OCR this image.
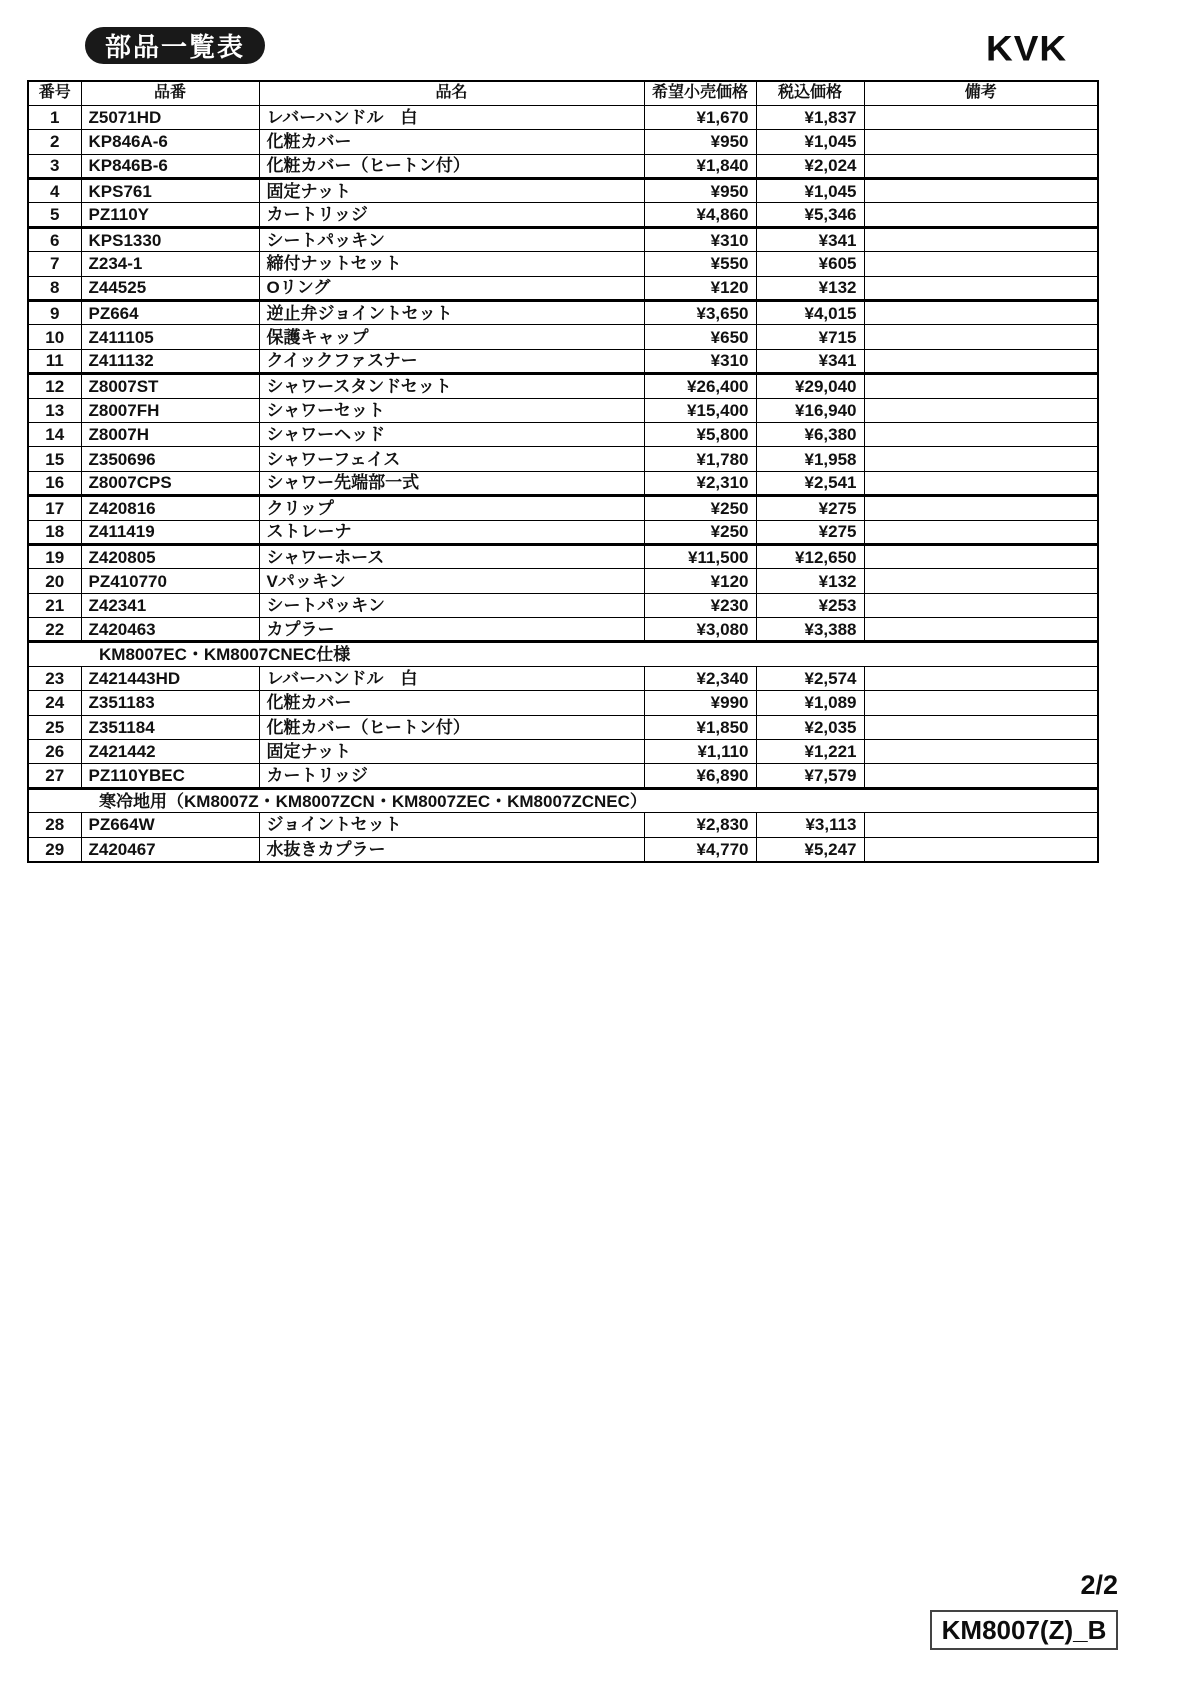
部品一覧表	KVK
番号	品番	品名	希望小売価格	税込価格	備考
1	Z5071HD	レバーハンドル　白	¥1,670	¥1,837	
2	KP846A-6	化粧カバー	¥950	¥1,045	
3	KP846B-6	化粧カバー（ヒートン付）	¥1,840	¥2,024	
4	KPS761	固定ナット	¥950	¥1,045	
5	PZ110Y	カートリッジ	¥4,860	¥5,346	
6	KPS1330	シートパッキン	¥310	¥341	
7	Z234-1	締付ナットセット	¥550	¥605	
8	Z44525	Oリング	¥120	¥132	
9	PZ664	逆止弁ジョイントセット	¥3,650	¥4,015	
10	Z411105	保護キャップ	¥650	¥715	
11	Z411132	クイックファスナー	¥310	¥341	
12	Z8007ST	シャワースタンドセット	¥26,400	¥29,040	
13	Z8007FH	シャワーセット	¥15,400	¥16,940	
14	Z8007H	シャワーヘッド	¥5,800	¥6,380	
15	Z350696	シャワーフェイス	¥1,780	¥1,958	
16	Z8007CPS	シャワー先端部一式	¥2,310	¥2,541	
17	Z420816	クリップ	¥250	¥275	
18	Z411419	ストレーナ	¥250	¥275	
19	Z420805	シャワーホース	¥11,500	¥12,650	
20	PZ410770	Vパッキン	¥120	¥132	
21	Z42341	シートパッキン	¥230	¥253	
22	Z420463	カプラー	¥3,080	¥3,388	
KM8007EC・KM8007CNEC仕様					
23	Z421443HD	レバーハンドル　白	¥2,340	¥2,574	
24	Z351183	化粧カバー	¥990	¥1,089	
25	Z351184	化粧カバー（ヒートン付）	¥1,850	¥2,035	
26	Z421442	固定ナット	¥1,110	¥1,221	
27	PZ110YBEC	カートリッジ	¥6,890	¥7,579	
寒冷地用（KM8007Z・KM8007ZCN・KM8007ZEC・KM8007ZCNEC）					
28	PZ664W	ジョイントセット	¥2,830	¥3,113	
29	Z420467	水抜きカプラー	¥4,770	¥5,247	
2/2
KM8007(Z)_B
